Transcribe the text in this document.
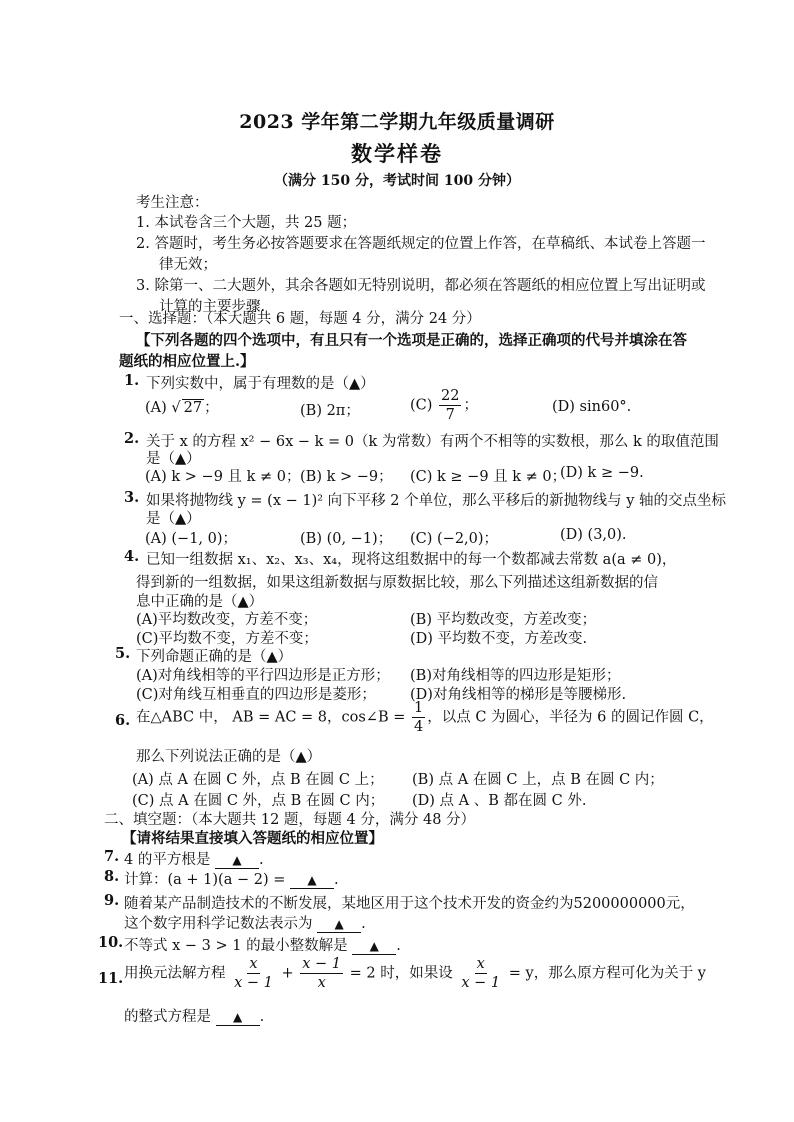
2023 学年第二学期九年级质量调研
数学样卷
（满分 150 分，考试时间 100 分钟）
考生注意：
1. 本试卷含三个大题，共 25 题；
2. 答题时，考生务必按答题要求在答题纸规定的位置上作答，在草稿纸、本试卷上答题一
律无效；
3. 除第一、二大题外，其余各题如无特别说明，都必须在答题纸的相应位置上写出证明或
计算的主要步骤.
一、选择题：（本大题共 6 题，每题 4 分，满分 24 分）
【下列各题的四个选项中，有且只有一个选项是正确的，选择正确项的代号并填涂在答
题纸的相应位置上.】
1. 下列实数中，属于有理数的是（▲）
(A) √ 27 ；	(B) 2π；	$(C) \frac{22}{7}$ ；	(D) sin60°.
2. 关于 x 的方程 x² − 6x − k = 0（k 为常数）有两个不相等的实数根，那么 k 的取值范围
是（▲）
(A) k > −9 且 k ≠ 0； (B) k > −9； (C) k ≥ −9 且 k ≠ 0；
(D) k ≥ −9.
3. 如果将抛物线 y = (x − 1)² 向下平移 2 个单位，那么平移后的新抛物线与 y 轴的交点坐标
是（▲）
(A) (−1, 0)；	(B) (0, −1)； (C) (−2,0)；	(D) (3,0).
4. 已知一组数据 x₁、x₂、x₃、x₄，现将这组数据中的每一个数都减去常数 a(a ≠ 0)，
得到新的一组数据，如果这组新数据与原数据比较，那么下列描述这组新数据的信
息中正确的是（▲）
(A)平均数改变，方差不变；	(B) 平均数改变，方差改变；
(C)平均数不变，方差不变；	(D) 平均数不变，方差改变.
5. 下列命题正确的是（▲）
(A)对角线相等的平行四边形是正方形； (B)对角线相等的四边形是矩形；
(C)对角线互相垂直的四边形是菱形； (D)对角线相等的梯形是等腰梯形.
6. 在△ABC 中， AB = AC = 8，cos∠B = $\frac{1}{4}$ ，以点 C 为圆心，半径为 6 的圆记作圆 C，
那么下列说法正确的是（▲）
(A) 点 A 在圆 C 外，点 B 在圆 C 上； (B) 点 A 在圆 C 上，点 B 在圆 C 内；
(C) 点 A 在圆 C 外，点 B 在圆 C 内； (D) 点 A 、B 都在圆 C 外.
二、填空题：（本大题共 12 题，每题 4 分，满分 48 分）
【请将结果直接填入答题纸的相应位置】
7. 4 的平方根是 ▲ .
8. 计算：(a + 1)(a − 2) = ▲ .
9. 随着某产品制造技术的不断发展，某地区用于这个技术开发的资金约为5200000000元，
这个数字用科学记数法表示为 ▲ .
10. 不等式 x − 3 > 1 的最小整数解是 ▲ .
11. 用换元法解方程 $\frac{x}{x - 1} + \frac{x - 1}{x} = 2$ 时，如果设 $\frac{x}{x - 1} = y$，那么原方程可化为关于 y
的整式方程是 ▲ .
